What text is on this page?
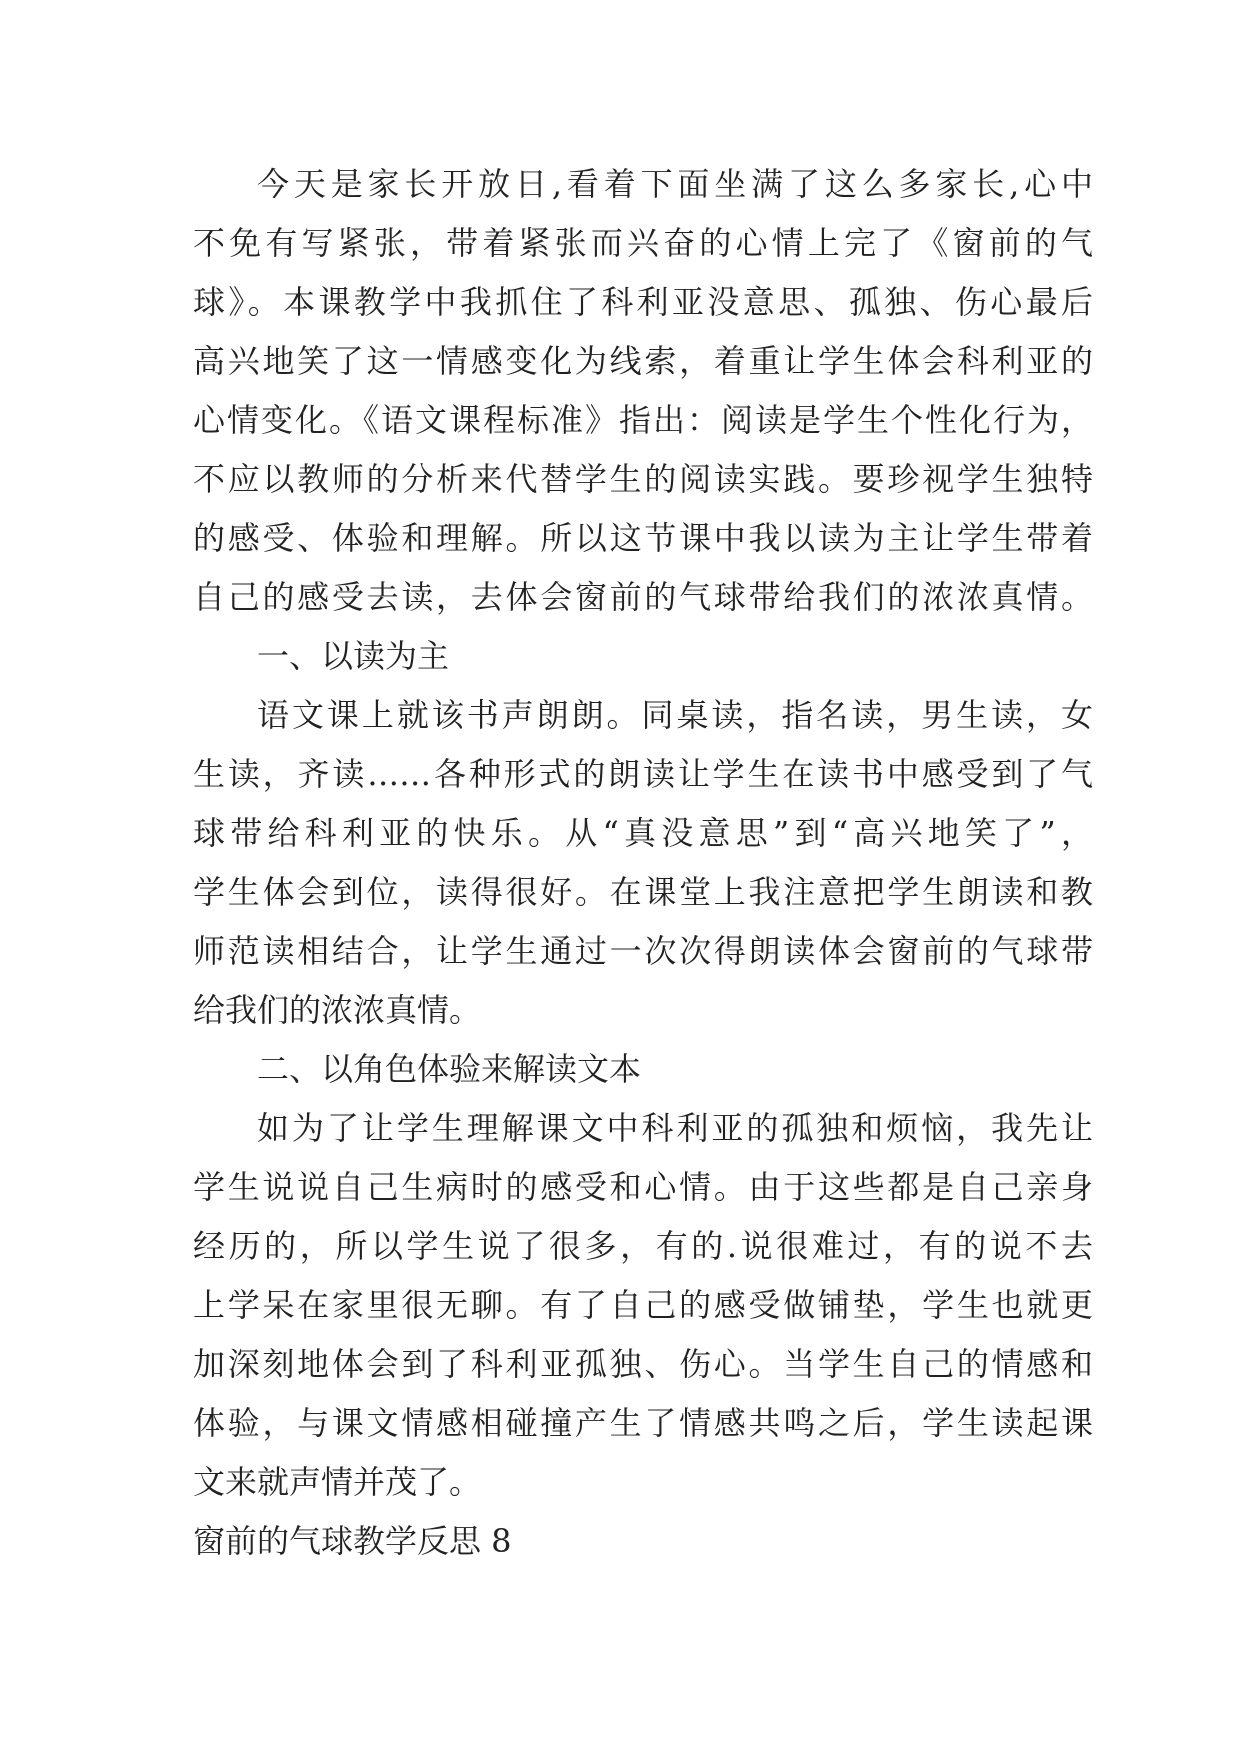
今天是家长开放日,看着下面坐满了这么多家长,心中
不免有写紧张，带着紧张而兴奋的心情上完了《窗前的气
球》。本课教学中我抓住了科利亚没意思、孤独、伤心最后
高兴地笑了这一情感变化为线索，着重让学生体会科利亚的
心情变化。《语文课程标准》指出：阅读是学生个性化行为，
不应以教师的分析来代替学生的阅读实践。要珍视学生独特
的感受、体验和理解。所以这节课中我以读为主让学生带着
自己的感受去读，去体会窗前的气球带给我们的浓浓真情。
一、以读为主
语文课上就该书声朗朗。同桌读，指名读，男生读，女
生读，齐读……各种形式的朗读让学生在读书中感受到了气
球带给科利亚的快乐。从“真没意思”到“高兴地笑了”，
学生体会到位，读得很好。在课堂上我注意把学生朗读和教
师范读相结合，让学生通过一次次得朗读体会窗前的气球带
给我们的浓浓真情。
二、以角色体验来解读文本
如为了让学生理解课文中科利亚的孤独和烦恼，我先让
学生说说自己生病时的感受和心情。由于这些都是自己亲身
经历的，所以学生说了很多，有的.说很难过，有的说不去
上学呆在家里很无聊。有了自己的感受做铺垫，学生也就更
加深刻地体会到了科利亚孤独、伤心。当学生自己的情感和
体验，与课文情感相碰撞产生了情感共鸣之后，学生读起课
文来就声情并茂了。
窗前的气球教学反思 8
